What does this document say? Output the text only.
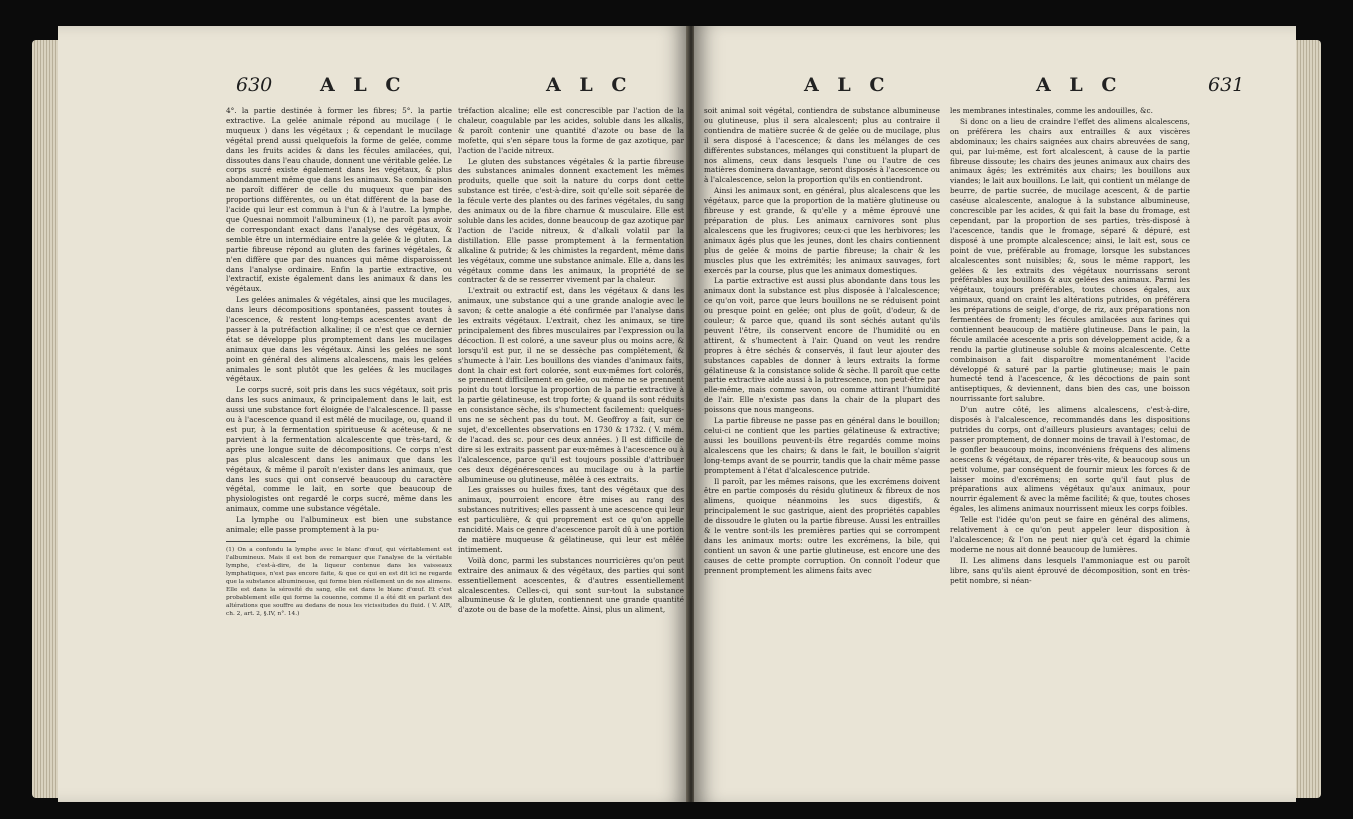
630	A L C	A L C

4°. la partie destinée à former les fibres; 5°. la partie extractive. La gelée animale répond au mucilage ( le muqueux ) dans les végétaux ; & cependant le mucilage végétal prend aussi quelquefois la forme de gelée, comme dans les fruits acides & dans les fécules amilacées, qui, dissoutes dans l'eau chaude, donnent une véritable gelée. Le corps sucré existe également dans les végétaux, & plus abondamment même que dans les animaux. Sa combinaison ne paroît différer de celle du muqueux que par des proportions différentes, ou un état différent de la base de l'acide qui leur est commun à l'un & à l'autre. La lymphe, que Quesnai nommoit l'albumineux (1), ne paroît pas avoir de correspondant exact dans l'analyse des végétaux, & semble être un intermédiaire entre la gelée & le gluten. La partie fibreuse répond au gluten des farines végétales, & n'en diffère que par des nuances qui même disparoissent dans l'analyse ordinaire. Enfin la partie extractive, ou l'extractif, existe également dans les animaux & dans les végétaux.

Les gelées animales & végétales, ainsi que les mucilages, dans leurs décompositions spontanées, passent toutes à l'acescence, & restent long-temps acescentes avant de passer à la putréfaction alkaline; il ce n'est que ce dernier état se développe plus promptement dans les mucilages animaux que dans les végétaux. Ainsi les gelées ne sont point en général des alimens alcalescens, mais les gelées animales le sont plutôt que les gelées & les mucilages végétaux.

Le corps sucré, soit pris dans les sucs végétaux, soit pris dans les sucs animaux, & principalement dans le lait, est aussi une substance fort éloignée de l'alcalescence. Il passe ou à l'acescence quand il est mêlé de mucilage, ou, quand il est pur, à la fermentation spiritueuse & acéteuse, & ne parvient à la fermentation alcalescente que très-tard, & après une longue suite de décompositions. Ce corps n'est pas plus alcalescent dans les animaux que dans les végétaux, & même il paroît n'exister dans les animaux, que dans les sucs qui ont conservé beaucoup du caractère végétal, comme le lait, en sorte que beaucoup de physiologistes ont regardé le corps sucré, même dans les animaux, comme une substance végétale.

La lymphe ou l'albumineux est bien une substance animale; elle passe promptement à la pu-

(1) On a confondu la lymphe avec le blanc d'œuf, qui véritablement est l'albumineux. Mais il est bon de remarquer que l'analyse de la véritable lymphe, c'est-à-dire, de la liqueur contenue dans les vaisseaux lymphatiques, n'est pas encore faite, & que ce qui en est dit ici ne regarde que la substance albumineuse, qui forme bien réellement un de nos alimens. Elle est dans la sérosité du sang, elle est dans le blanc d'œuf. Et c'est probablement elle qui forme la couenne, comme il a été dit en parlant des altérations que souffre au dedans de nous les vicissitudes du fluid. ( V. AIR, ch. 2, art. 2, §.IV, n°. 14.)

tréfaction alcaline; elle est concrescible par l'action de la chaleur, coagulable par les acides, soluble dans les alkalis, & paroît contenir une quantité d'azote ou base de la mofette, qui s'en sépare tous la forme de gaz azotique, par l'action de l'acide nitreux.

Le gluten des substances végétales & la partie fibreuse des substances animales donnent exactement les mêmes produits, quelle que soit la nature du corps dont cette substance est tirée, c'est-à-dire, soit qu'elle soit séparée de la fécule verte des plantes ou des farines végétales, du sang des animaux ou de la fibre charnue & musculaire. Elle est soluble dans les acides, donne beaucoup de gaz azotique par l'action de l'acide nitreux, & d'alkali volatil par la distillation. Elle passe promptement à la fermentation alkaline & putride; & les chimistes la regardent, même dans les végétaux, comme une substance animale. Elle a, dans les végétaux comme dans les animaux, la propriété de se contracter & de se resserrer vivement par la chaleur.

L'extrait ou extractif est, dans les végétaux & dans les animaux, une substance qui a une grande analogie avec le savon; & cette analogie a été confirmée par l'analyse dans les extraits végétaux. L'extrait, chez les animaux, se tire principalement des fibres musculaires par l'expression ou la décoction. Il est coloré, a une saveur plus ou moins acre, & lorsqu'il est pur, il ne se dessèche pas complétement, & s'humecte à l'air. Les bouillons des viandes d'animaux faits, dont la chair est fort colorée, sont eux-mêmes fort colorés, se prennent difficilement en gelée, ou même ne se prennent point du tout lorsque la proportion de la partie extractive à la partie gélatineuse, est trop forte; & quand ils sont réduits en consistance sèche, ils s'humectent facilement: quelques-uns ne se sèchent pas du tout. M. Geoffroy a fait, sur ce sujet, d'excellentes observations en 1730 & 1732. ( V. mém. de l'acad. des sc. pour ces deux années. ) Il est difficile de dire si les extraits passent par eux-mêmes à l'acescence ou à l'alcalescence, parce qu'il est toujours possible d'attribuer ces deux dégénérescences au mucilage ou à la partie albumineuse ou glutineuse, mêlée à ces extraits.

Les graisses ou huiles fixes, tant des végétaux que des animaux, pourroient encore être mises au rang des substances nutritives; elles passent à une acescence qui leur est particulière, & qui proprement est ce qu'on appelle rancidité. Mais ce genre d'acescence paroît dû à une portion de matière muqueuse & gélatineuse, qui leur est mêlée intimement.

Voilà donc, parmi les substances nourricières qu'on peut extraire des animaux & des végétaux, des parties qui sont essentiellement acescentes, & d'autres essentiellement alcalescentes. Celles-ci, qui sont sur-tout la substance albumineuse & le gluten, contiennent une grande quantité d'azote ou de base de la mofette. Ainsi, plus un aliment,

A L C	A L C	631

soit animal soit végétal, contiendra de substance albumineuse ou glutineuse, plus il sera alcalescent; plus au contraire il contiendra de matière sucrée & de gelée ou de mucilage, plus il sera disposé à l'acescence; & dans les mélanges de ces différentes substances, mélanges qui constituent la plupart de nos alimens, ceux dans lesquels l'une ou l'autre de ces matières dominera davantage, seront disposés à l'acescence ou à l'alcalescence, selon la proportion qu'ils en contiendront.

Ainsi les animaux sont, en général, plus alcalescens que les végétaux, parce que la proportion de la matière glutineuse ou fibreuse y est grande, & qu'elle y a même éprouvé une préparation de plus. Les animaux carnivores sont plus alcalescens que les frugivores; ceux-ci que les herbivores; les animaux âgés plus que les jeunes, dont les chairs contiennent plus de gelée & moins de partie fibreuse; la chair & les muscles plus que les extrémités; les animaux sauvages, fort exercés par la course, plus que les animaux domestiques.

La partie extractive est aussi plus abondante dans tous les animaux dont la substance est plus disposée à l'alcalescence; ce qu'on voit, parce que leurs bouillons ne se réduisent point ou presque point en gelée; ont plus de goût, d'odeur, & de couleur; & parce que, quand ils sont séchés autant qu'ils peuvent l'être, ils conservent encore de l'humidité ou en attirent, & s'humectent à l'air. Quand on veut les rendre propres à être séchés & conservés, il faut leur ajouter des substances capables de donner à leurs extraits la forme gélatineuse & la consistance solide & sèche. Il paroît que cette partie extractive aide aussi à la putrescence, non peut-être par elle-même, mais comme savon, ou comme attirant l'humidité de l'air. Elle n'existe pas dans la chair de la plupart des poissons que nous mangeons.

La partie fibreuse ne passe pas en général dans le bouillon; celui-ci ne contient que les parties gélatineuse & extractive; aussi les bouillons peuvent-ils être regardés comme moins alcalescens que les chairs; & dans le fait, le bouillon s'aigrit long-temps avant de se pourrir, tandis que la chair même passe promptement à l'état d'alcalescence putride.

Il paroît, par les mêmes raisons, que les excrémens doivent être en partie composés du résidu glutineux & fibreux de nos alimens, quoique néanmoins les sucs digestifs, & principalement le suc gastrique, aient des propriétés capables de dissoudre le gluten ou la partie fibreuse. Aussi les entrailles & le ventre sont-ils les premières parties qui se corrompent dans les animaux morts: outre les excrémens, la bile, qui contient un savon & une partie glutineuse, est encore une des causes de cette prompte corruption. On connoît l'odeur que prennent promptement les alimens faits avec

les membranes intestinales, comme les andouilles, &c.

Si donc on a lieu de craindre l'effet des alimens alcalescens, on préférera les chairs aux entrailles & aux viscères abdominaux; les chairs saignées aux chairs abreuvées de sang, qui, par lui-même, est fort alcalescent, à cause de la partie fibreuse dissoute; les chairs des jeunes animaux aux chairs des animaux âgés; les extrémités aux chairs; les bouillons aux viandes; le lait aux bouillons. Le lait, qui contient un mélange de beurre, de partie sucrée, de mucilage acescent, & de partie caséuse alcalescente, analogue à la substance albumineuse, concrescible par les acides, & qui fait la base du fromage, est cependant, par la proportion de ses parties, très-disposé à l'acescence, tandis que le fromage, séparé & dépuré, est disposé à une prompte alcalescence; ainsi, le lait est, sous ce point de vue, préférable au fromage, lorsque les substances alcalescentes sont nuisibles; &, sous le même rapport, les gelées & les extraits des végétaux nourrissans seront préférables aux bouillons & aux gelées des animaux. Parmi les végétaux, toujours préférables, toutes choses égales, aux animaux, quand on craint les altérations putrides, on préférera les préparations de seigle, d'orge, de riz, aux préparations non fermentées de froment; les fécules amilacées aux farines qui contiennent beaucoup de matière glutineuse. Dans le pain, la fécule amilacée acescente a pris son développement acide, & a rendu la partie glutineuse soluble & moins alcalescente. Cette combinaison a fait disparoître momentanément l'acide développé & saturé par la partie glutineuse; mais le pain humecté tend à l'acescence, & les décoctions de pain sont antiseptiques, & deviennent, dans bien des cas, une boisson nourrissante fort salubre.

D'un autre côté, les alimens alcalescens, c'est-à-dire, disposés à l'alcalescence, recommandés dans les dispositions putrides du corps, ont d'ailleurs plusieurs avantages; celui de passer promptement, de donner moins de travail à l'estomac, de le gonfler beaucoup moins, inconvéniens fréquens des alimens acescens & végétaux, de réparer très-vite, & beaucoup sous un petit volume, par conséquent de fournir mieux les forces & de laisser moins d'excrémens; en sorte qu'il faut plus de préparations aux alimens végétaux qu'aux animaux, pour nourrir également & avec la même facilité; & que, toutes choses égales, les alimens animaux nourrissent mieux les corps foibles.

Telle est l'idée qu'on peut se faire en général des alimens, relativement à ce qu'on peut appeler leur disposition à l'alcalescence; & l'on ne peut nier qu'à cet égard la chimie moderne ne nous ait donné beaucoup de lumières.

II. Les alimens dans lesquels l'ammoniaque est ou paroît libre, sans qu'ils aient éprouvé de décomposition, sont en très-petit nombre, si néan-
